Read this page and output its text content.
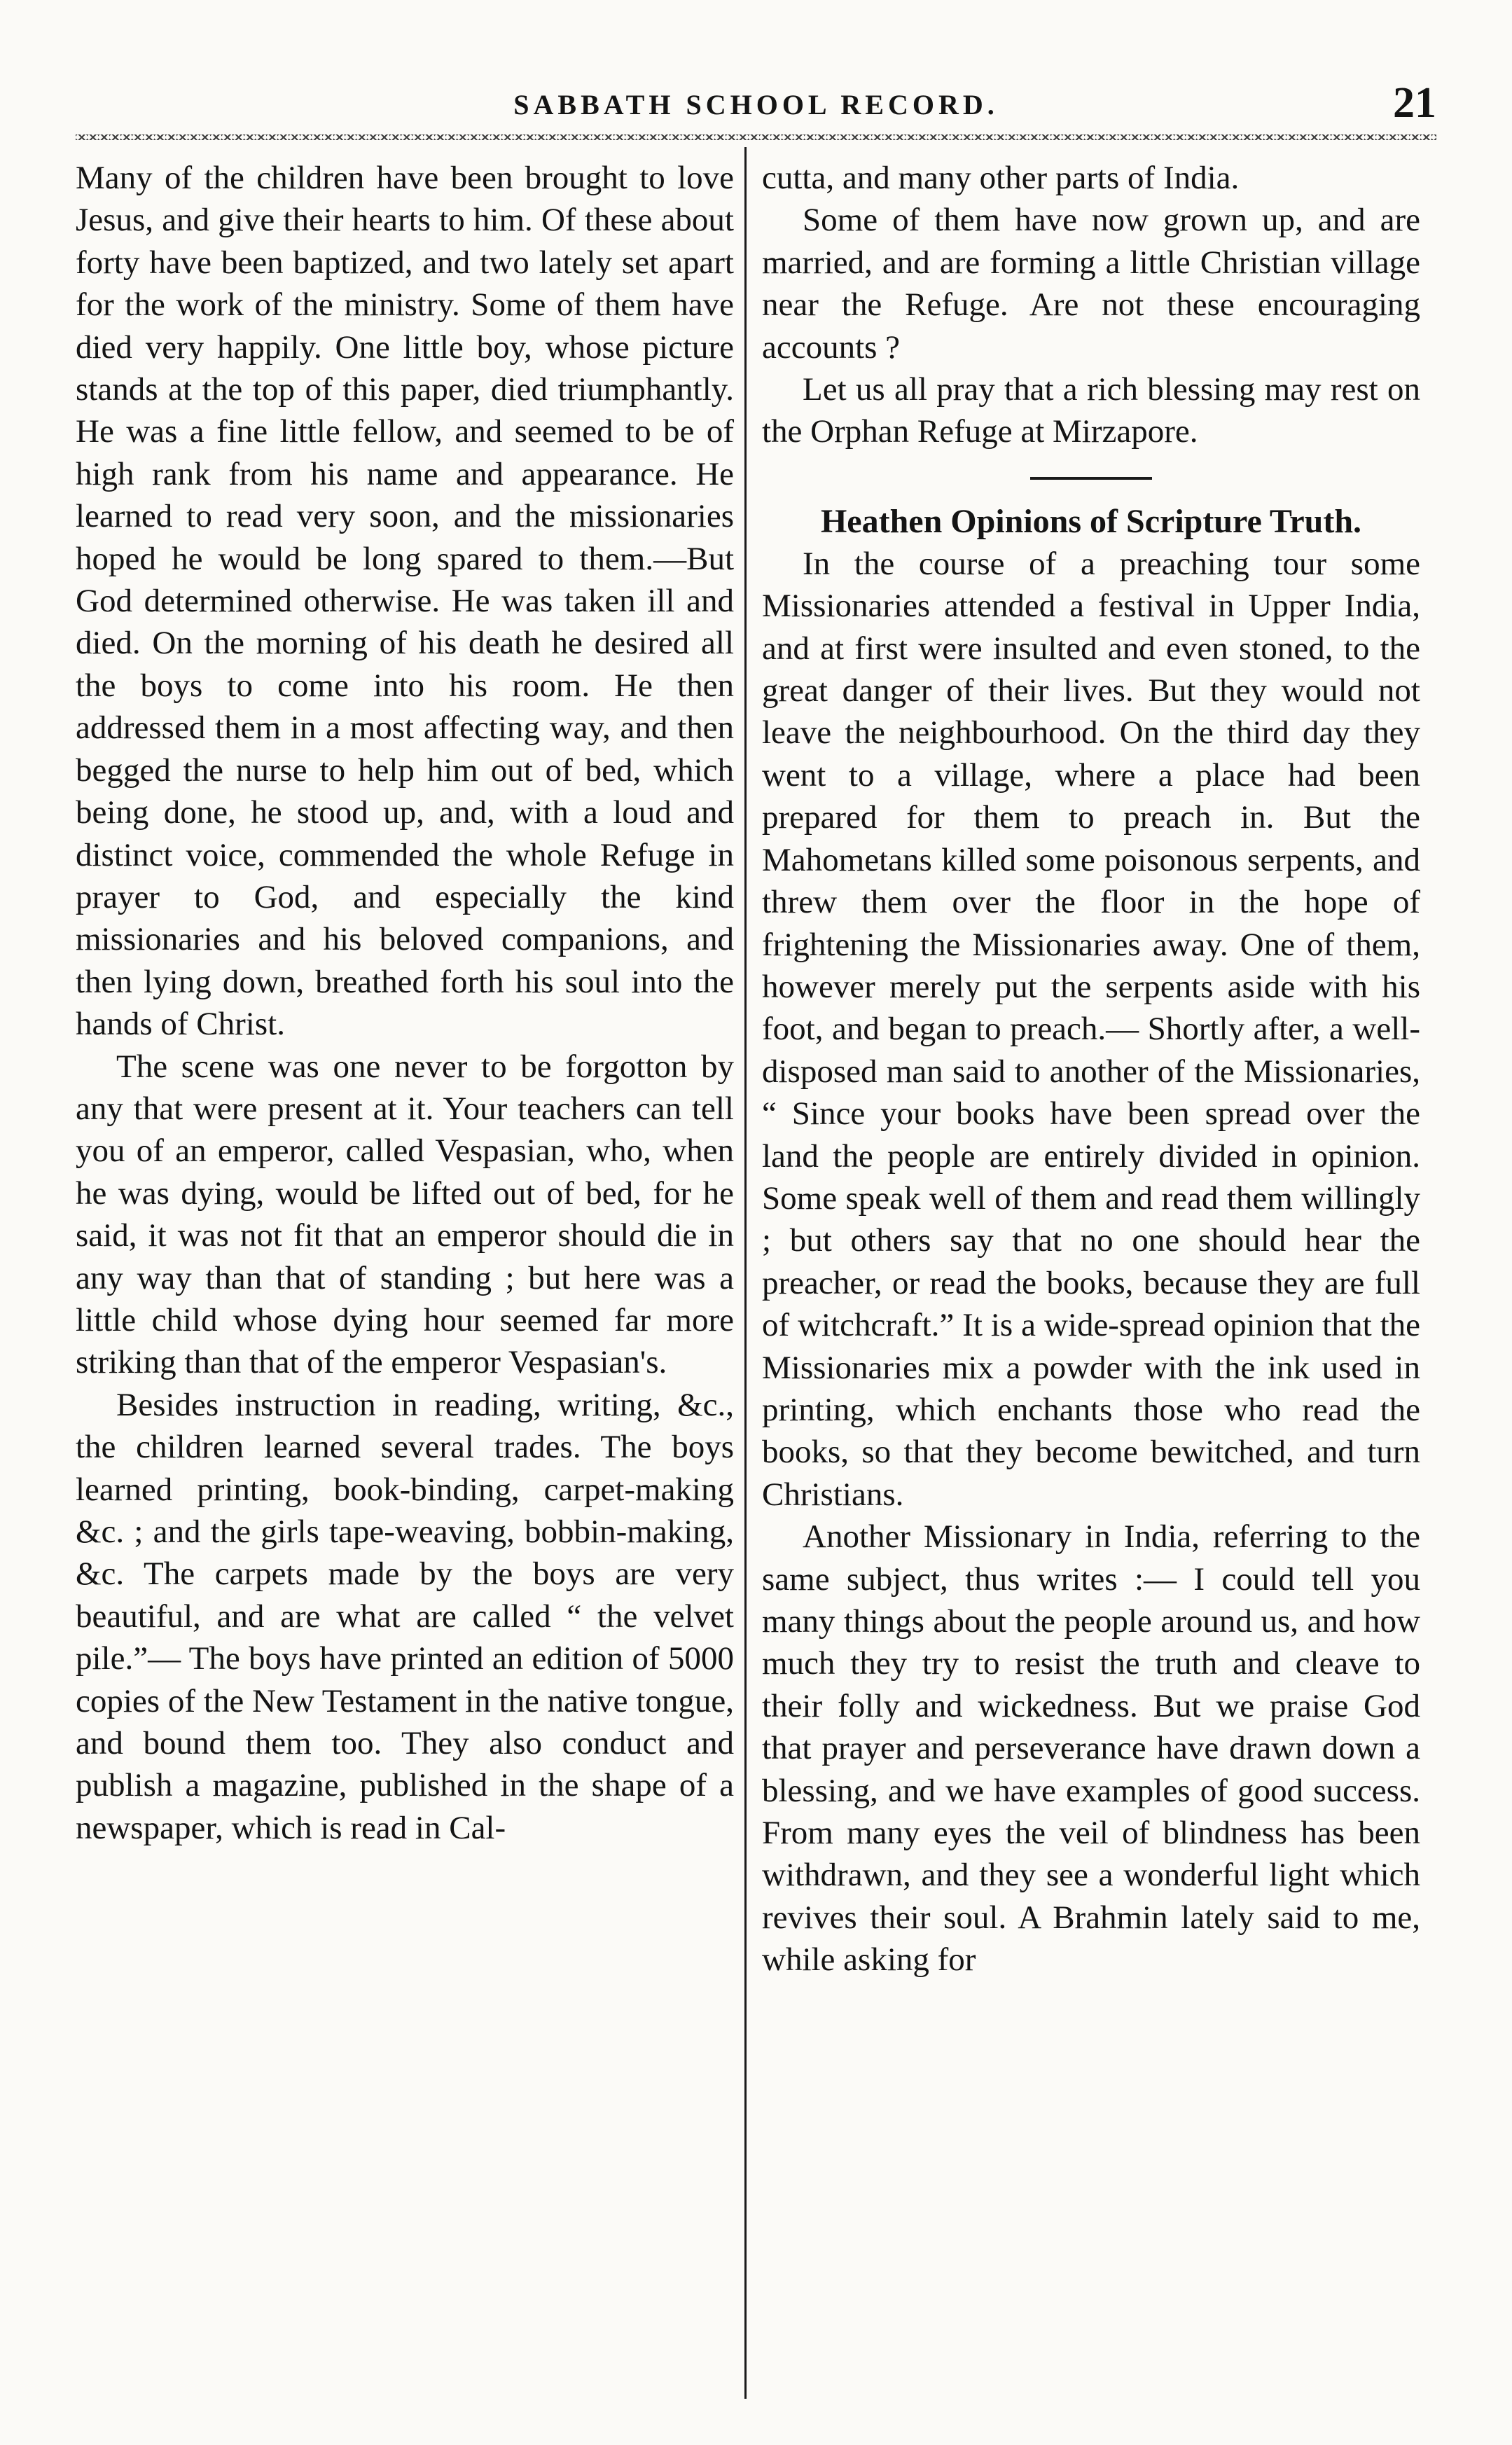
SABBATH SCHOOL RECORD.	21

Many of the children have been brought to love Jesus, and give their hearts to him. Of these about forty have been baptized, and two lately set apart for the work of the ministry. Some of them have died very happily. One little boy, whose picture stands at the top of this paper, died triumphantly. He was a fine little fellow, and seemed to be of high rank from his name and appearance. He learned to read very soon, and the missionaries hoped he would be long spared to them.—But God determined otherwise. He was taken ill and died. On the morning of his death he desired all the boys to come into his room. He then addressed them in a most affecting way, and then begged the nurse to help him out of bed, which being done, he stood up, and, with a loud and distinct voice, commended the whole Refuge in prayer to God, and especially the kind missionaries and his beloved companions, and then lying down, breathed forth his soul into the hands of Christ.

The scene was one never to be forgotton by any that were present at it. Your teachers can tell you of an emperor, called Vespasian, who, when he was dying, would be lifted out of bed, for he said, it was not fit that an emperor should die in any way than that of standing ; but here was a little child whose dying hour seemed far more striking than that of the emperor Vespasian's.

Besides instruction in reading, writing, &c., the children learned several trades. The boys learned printing, book-binding, carpet-making &c. ; and the girls tape-weaving, bobbin-making, &c. The carpets made by the boys are very beautiful, and are what are called “ the velvet pile.”— The boys have printed an edition of 5000 copies of the New Testament in the native tongue, and bound them too. They also conduct and publish a magazine, published in the shape of a newspaper, which is read in Cal-

cutta, and many other parts of India.

Some of them have now grown up, and are married, and are forming a little Christian village near the Refuge. Are not these encouraging accounts ?

Let us all pray that a rich blessing may rest on the Orphan Refuge at Mirzapore.

Heathen Opinions of Scripture Truth.

In the course of a preaching tour some Missionaries attended a festival in Upper India, and at first were insulted and even stoned, to the great danger of their lives. But they would not leave the neighbourhood. On the third day they went to a village, where a place had been prepared for them to preach in. But the Mahometans killed some poisonous serpents, and threw them over the floor in the hope of frightening the Missionaries away. One of them, however merely put the serpents aside with his foot, and began to preach.— Shortly after, a well-disposed man said to another of the Missionaries, “ Since your books have been spread over the land the people are entirely divided in opinion. Some speak well of them and read them willingly ; but others say that no one should hear the preacher, or read the books, because they are full of witchcraft.” It is a wide-spread opinion that the Missionaries mix a powder with the ink used in printing, which enchants those who read the books, so that they become bewitched, and turn Christians.

Another Missionary in India, referring to the same subject, thus writes :— I could tell you many things about the people around us, and how much they try to resist the truth and cleave to their folly and wickedness. But we praise God that prayer and perseverance have drawn down a blessing, and we have examples of good success. From many eyes the veil of blindness has been withdrawn, and they see a wonderful light which revives their soul. A Brahmin lately said to me, while asking for
